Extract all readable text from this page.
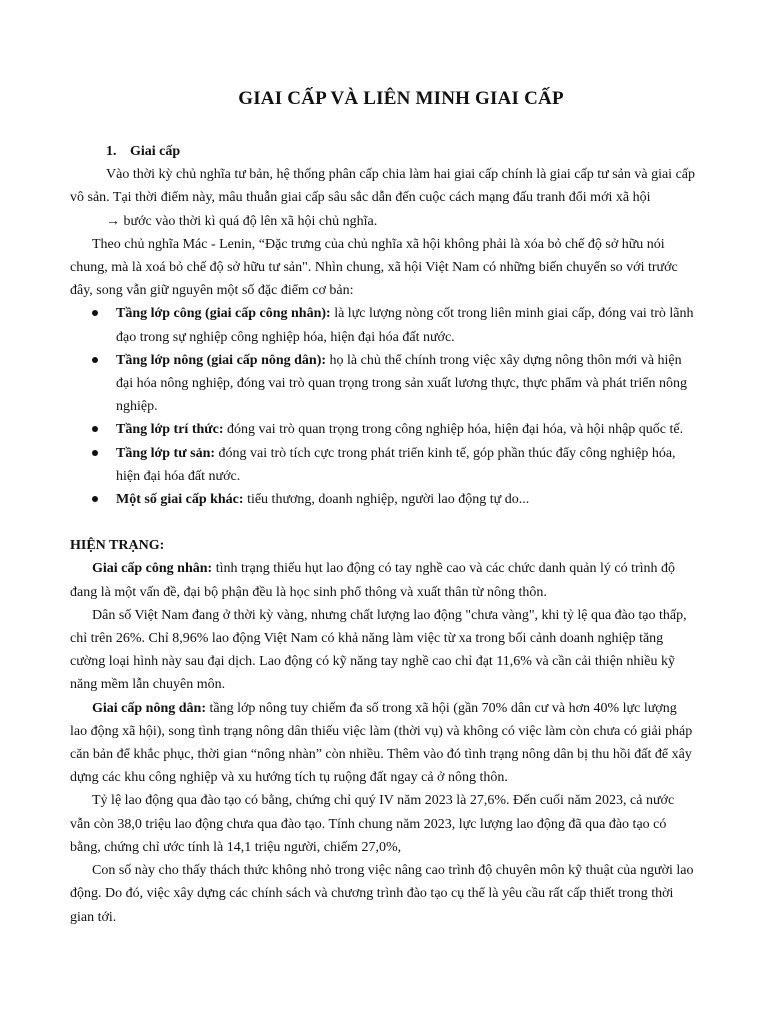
GIAI CẤP VÀ LIÊN MINH GIAI CẤP

1. Giai cấp

Vào thời kỳ chủ nghĩa tư bản, hệ thống phân cấp chia làm hai giai cấp chính là giai cấp tư sản và giai cấp vô sản. Tại thời điểm này, mâu thuẫn giai cấp sâu sắc dẫn đến cuộc cách mạng đấu tranh đổi mới xã hội → bước vào thời kì quá độ lên xã hội chủ nghĩa.

Theo chủ nghĩa Mác - Lenin, “Đặc trưng của chủ nghĩa xã hội không phải là xóa bỏ chế độ sở hữu nói chung, mà là xoá bỏ chế độ sở hữu tư sản". Nhìn chung, xã hội Việt Nam có những biến chuyển so với trước đây, song vẫn giữ nguyên một số đặc điểm cơ bản:

Tầng lớp công (giai cấp công nhân): là lực lượng nòng cốt trong liên minh giai cấp, đóng vai trò lãnh đạo trong sự nghiệp công nghiệp hóa, hiện đại hóa đất nước.
Tầng lớp nông (giai cấp nông dân): họ là chủ thể chính trong việc xây dựng nông thôn mới và hiện đại hóa nông nghiệp, đóng vai trò quan trọng trong sản xuất lương thực, thực phẩm và phát triển nông nghiệp.
Tầng lớp trí thức: đóng vai trò quan trọng trong công nghiệp hóa, hiện đại hóa, và hội nhập quốc tế.
Tầng lớp tư sản: đóng vai trò tích cực trong phát triển kinh tế, góp phần thúc đẩy công nghiệp hóa, hiện đại hóa đất nước.
Một số giai cấp khác: tiểu thương, doanh nghiệp, người lao động tự do...

HIỆN TRẠNG:

Giai cấp công nhân: tình trạng thiếu hụt lao động có tay nghề cao và các chức danh quản lý có trình độ đang là một vấn đề, đại bộ phận đều là học sinh phổ thông và xuất thân từ nông thôn.

Dân số Việt Nam đang ở thời kỳ vàng, nhưng chất lượng lao động "chưa vàng", khi tỷ lệ qua đào tạo thấp, chỉ trên 26%. Chỉ 8,96% lao động Việt Nam có khả năng làm việc từ xa trong bối cảnh doanh nghiệp tăng cường loại hình này sau đại dịch. Lao động có kỹ năng tay nghề cao chỉ đạt 11,6% và cần cải thiện nhiều kỹ năng mềm lẫn chuyên môn.

Giai cấp nông dân: tầng lớp nông tuy chiếm đa số trong xã hội (gần 70% dân cư và hơn 40% lực lượng lao động xã hội), song tình trạng nông dân thiếu việc làm (thời vụ) và không có việc làm còn chưa có giải pháp căn bản để khắc phục, thời gian “nông nhàn” còn nhiều. Thêm vào đó tình trạng nông dân bị thu hồi đất để xây dựng các khu công nghiệp và xu hướng tích tụ ruộng đất ngay cả ở nông thôn.

Tỷ lệ lao động qua đào tạo có bằng, chứng chỉ quý IV năm 2023 là 27,6%. Đến cuối năm 2023, cả nước vẫn còn 38,0 triệu lao động chưa qua đào tạo. Tính chung năm 2023, lực lượng lao động đã qua đào tạo có bằng, chứng chỉ ước tính là 14,1 triệu người, chiếm 27,0%,

Con số này cho thấy thách thức không nhỏ trong việc nâng cao trình độ chuyên môn kỹ thuật của người lao động. Do đó, việc xây dựng các chính sách và chương trình đào tạo cụ thể là yêu cầu rất cấp thiết trong thời gian tới.
